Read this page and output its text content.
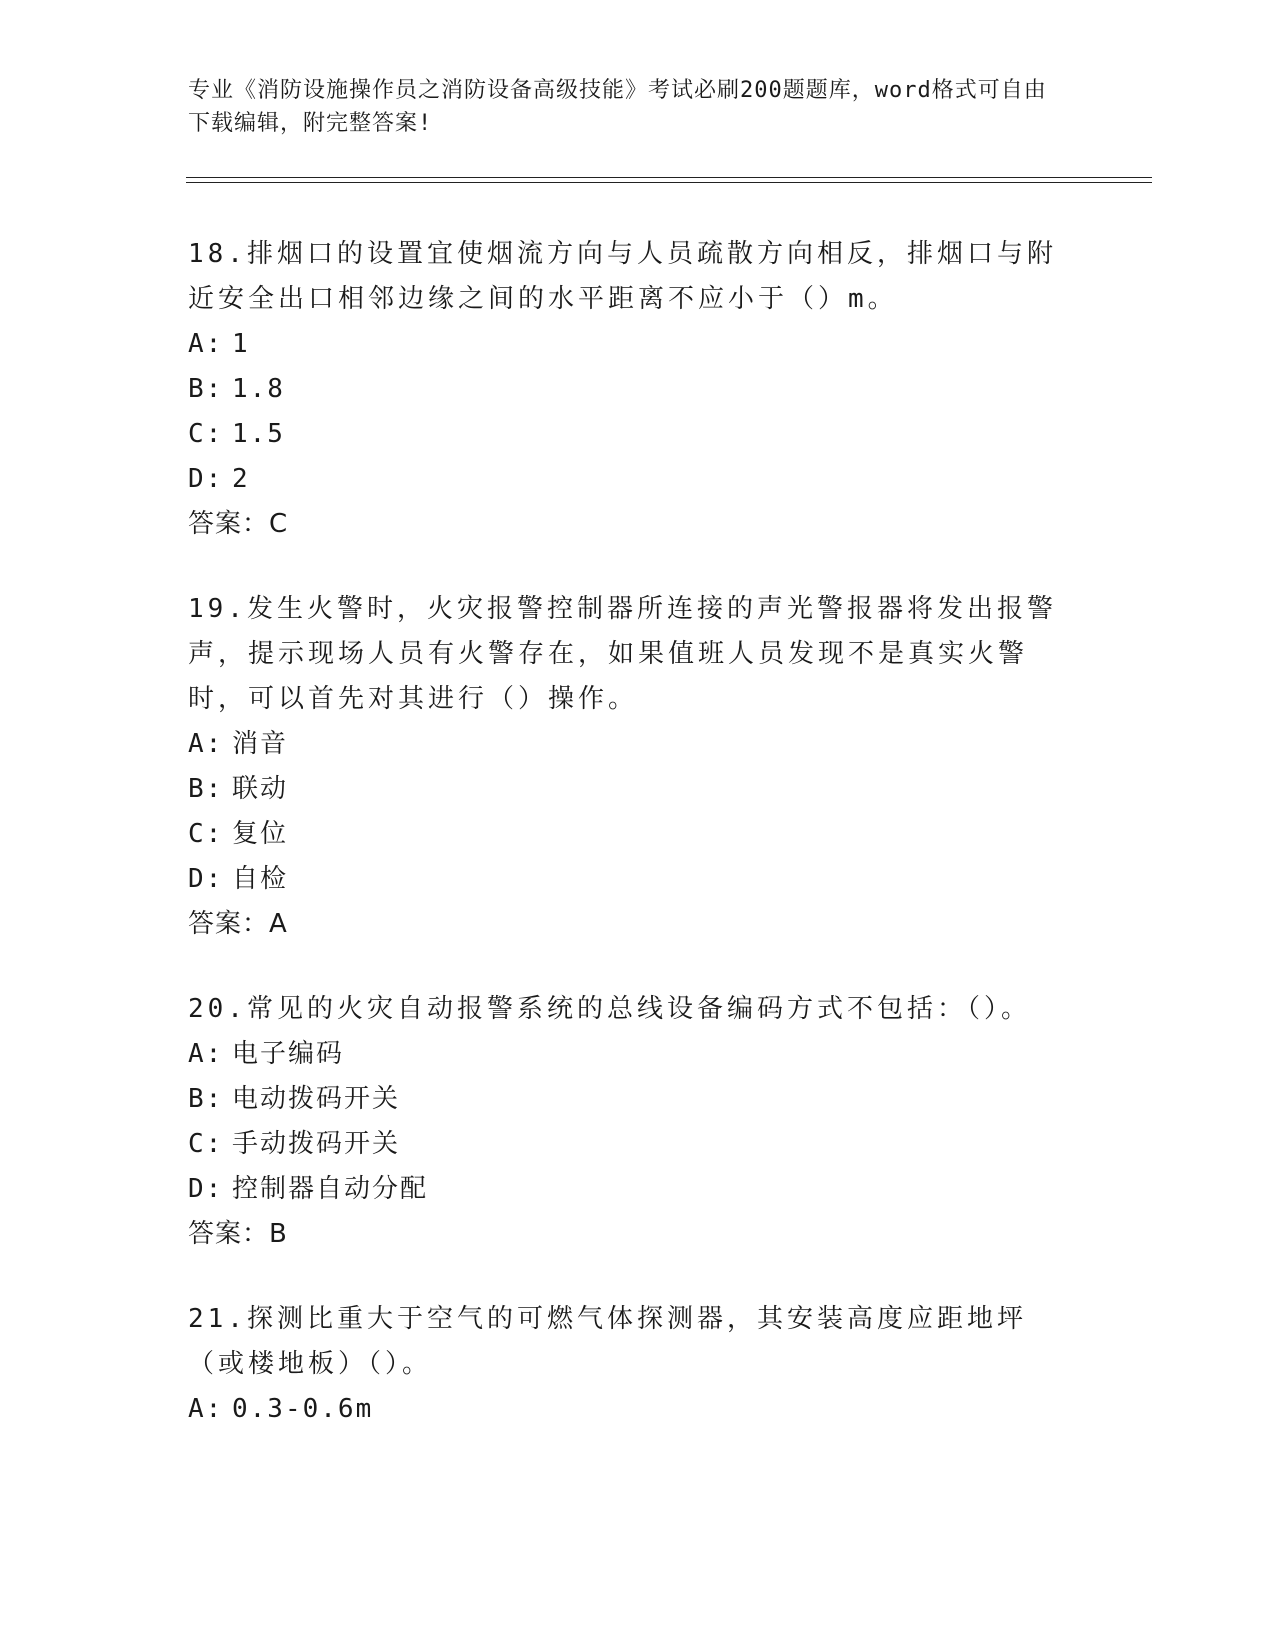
专业《消防设施操作员之消防设备高级技能》考试必刷200题题库，word格式可自由下载编辑，附完整答案!
18.排烟口的设置宜使烟流方向与人员疏散方向相反，排烟口与附近安全出口相邻边缘之间的水平距离不应小于（）m。
A: 1
B: 1.8
C: 1.5
D: 2
答案：C
19.发生火警时，火灾报警控制器所连接的声光警报器将发出报警声，提示现场人员有火警存在，如果值班人员发现不是真实火警时，可以首先对其进行（）操作。
A: 消音
B: 联动
C: 复位
D: 自检
答案：A
20.常见的火灾自动报警系统的总线设备编码方式不包括：（）。
A: 电子编码
B: 电动拨码开关
C: 手动拨码开关
D: 控制器自动分配
答案：B
21.探测比重大于空气的可燃气体探测器，其安装高度应距地坪（或楼地板）（）。
A: 0.3-0.6m
